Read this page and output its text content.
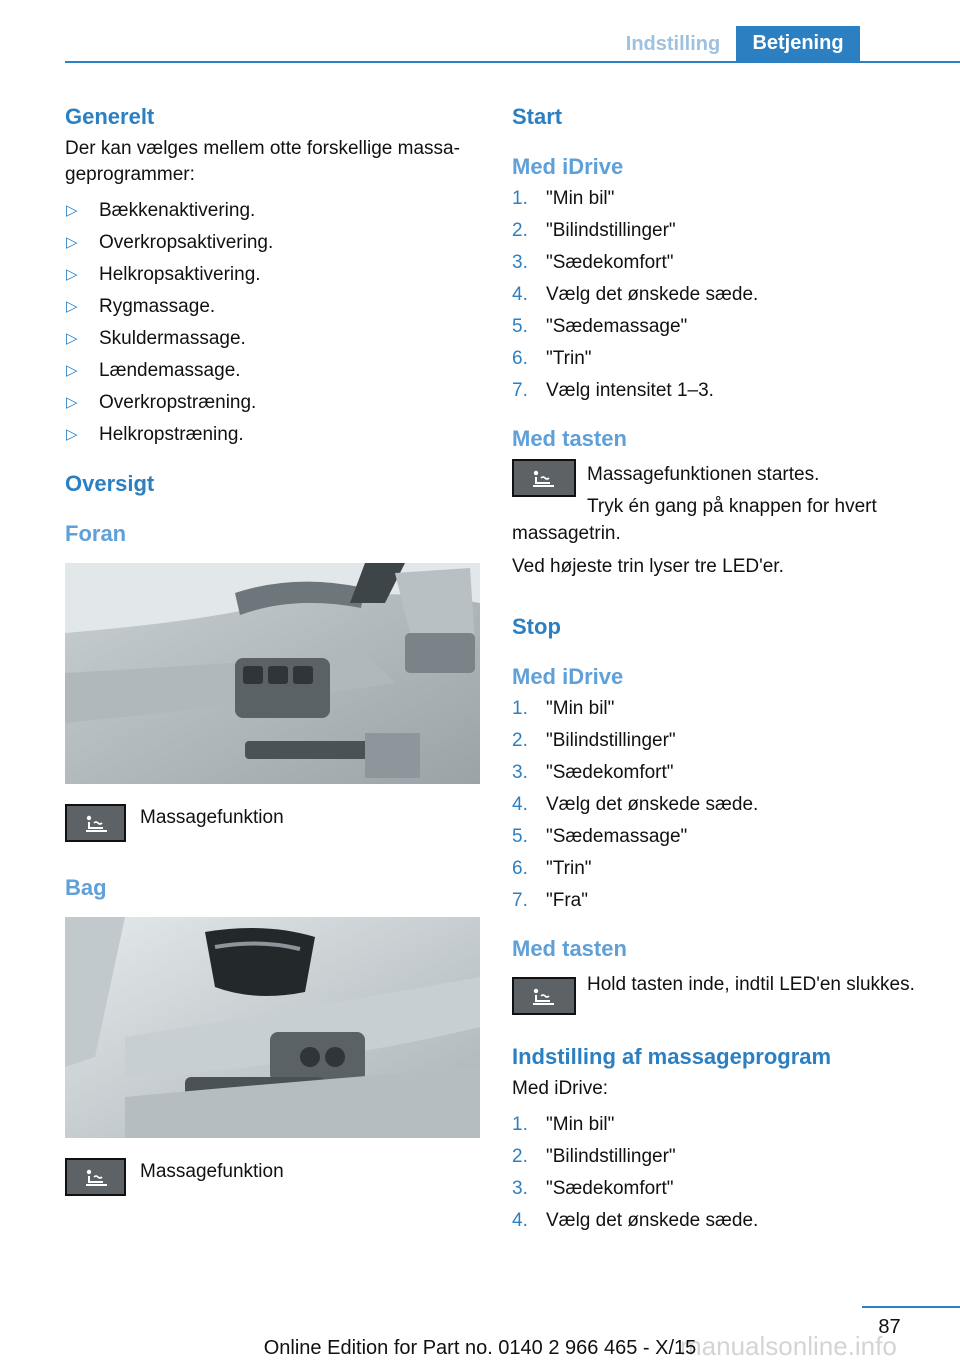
Indstilling	Betjening
Generelt

Der kan vælges mellem otte forskellige massageprogrammer:

▷ Bækkenaktivering.
▷ Overkropsaktivering.
▷ Helkropsaktivering.
▷ Rygmassage.
▷ Skuldermassage.
▷ Lændemassage.
▷ Overkropstræning.
▷ Helkropstræning.
Oversigt
Foran
Massagefunktion
Bag
Massagefunktion
Start
Med iDrive
1. "Min bil"
2. "Bilindstillinger"
3. "Sædekomfort"
4. Vælg det ønskede sæde.
5. "Sædemassage"
6. "Trin"
7. Vælg intensitet 1–3.
Med tasten
Massagefunktionen startes.
Tryk én gang på knappen for hvert

massagetrin.

Ved højeste trin lyser tre LED'er.

Stop
Med iDrive
1. "Min bil"
2. "Bilindstillinger"
3. "Sædekomfort"
4. Vælg det ønskede sæde.
5. "Sædemassage"
6. "Trin"
7. "Fra"
Med tasten
Hold tasten inde, indtil LED'en slukkes.
Indstilling af massageprogram

Med iDrive:

1. "Min bil"
2. "Bilindstillinger"
3. "Sædekomfort"
4. Vælg det ønskede sæde.
87
manualsonline.info
Online Edition for Part no. 0140 2 966 465 - X/15
